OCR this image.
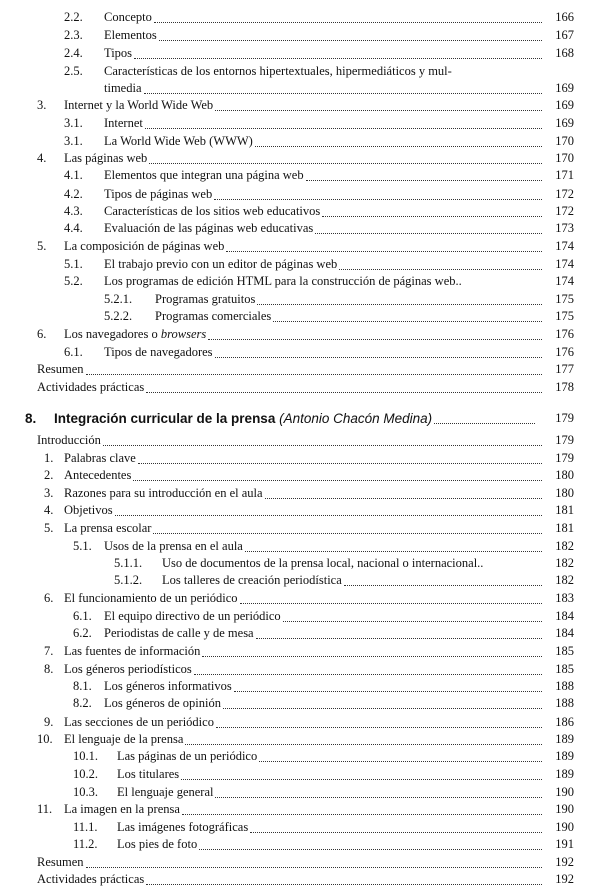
2.2. Concepto	166
2.3. Elementos	167
2.4. Tipos	168
2.5. Características de los entornos hipertextuales, hipermediáticos y mul-
timedia	169
3. Internet y la World Wide Web	169
3.1. Internet	169
3.1. La World Wide Web (WWW)	170
4. Las páginas web	170
4.1. Elementos que integran una página web	171
4.2. Tipos de páginas web	172
4.3. Características de los sitios web educativos	172
4.4. Evaluación de las páginas web educativas	173
5. La composición de páginas web	174
5.1. El trabajo previo con un editor de páginas web	174
5.2. Los programas de edición HTML para la construcción de páginas web..	174
5.2.1. Programas gratuitos	175
5.2.2. Programas comerciales	175
6. Los navegadores o browsers	176
6.1. Tipos de navegadores	176
Resumen	177
Actividades prácticas	178
8. Integración curricular de la prensa (Antonio Chacón Medina)	179
Introducción	179
1. Palabras clave	179
2. Antecedentes	180
3. Razones para su introducción en el aula	180
4. Objetivos	181
5. La prensa escolar	181
5.1. Usos de la prensa en el aula	182
5.1.1. Uso de documentos de la prensa local, nacional o internacional..	182
5.1.2. Los talleres de creación periodística	182
6. El funcionamiento de un periódico	183
6.1. El equipo directivo de un periódico	184
6.2. Periodistas de calle y de mesa	184
7. Las fuentes de información	185
8. Los géneros periodísticos	185
8.1. Los géneros informativos	188
8.2. Los géneros de opinión	188
9. Las secciones de un periódico	186
10. El lenguaje de la prensa	189
10.1. Las páginas de un periódico	189
10.2. Los titulares	189
10.3. El lenguaje general	190
11. La imagen en la prensa	190
11.1. Las imágenes fotográficas	190
11.2. Los pies de foto	191
Resumen	192
Actividades prácticas	192
